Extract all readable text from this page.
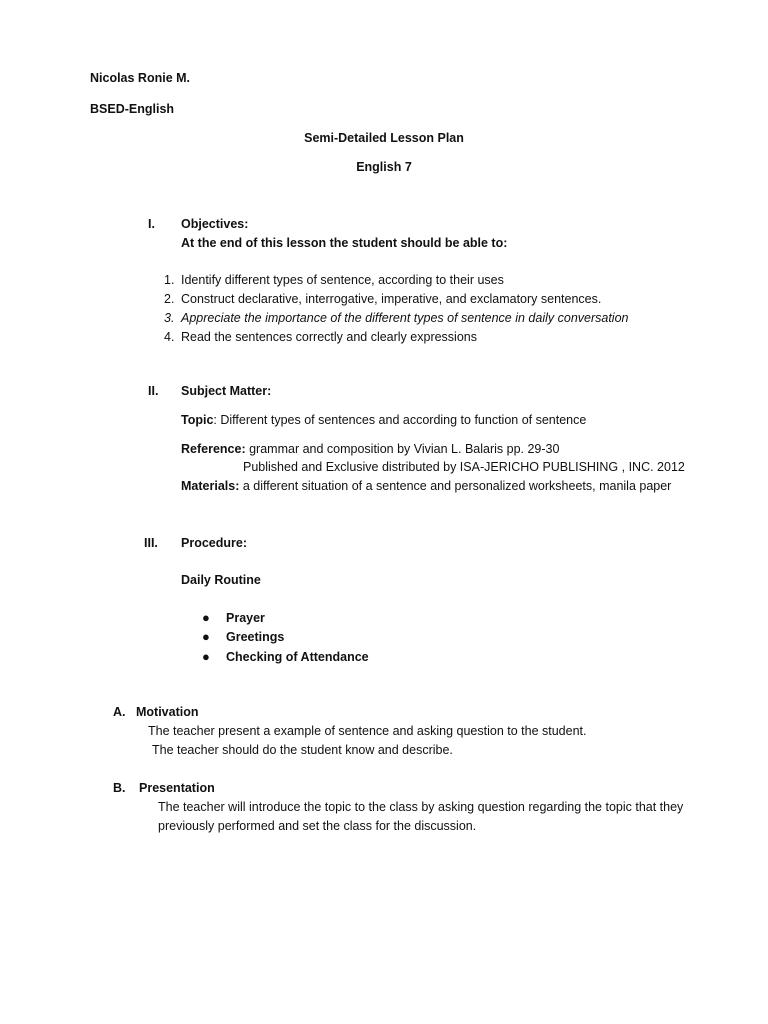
Nicolas Ronie M.
BSED-English
Semi-Detailed Lesson Plan
English 7
I. Objectives:
At the end of this lesson the student should be able to:
1. Identify different types of sentence, according to their uses
2. Construct declarative, interrogative, imperative, and exclamatory sentences.
3. Appreciate the importance of the different types of sentence in daily conversation
4. Read the sentences correctly and clearly expressions
II. Subject Matter:
Topic: Different types of sentences and according to function of sentence
Reference: grammar and composition by Vivian L. Balaris pp. 29-30
Published and Exclusive distributed by ISA-JERICHO PUBLISHING , INC. 2012
Materials: a different situation of a sentence and personalized worksheets, manila paper
III. Procedure:
Daily Routine
● Prayer
● Greetings
● Checking of Attendance
A. Motivation
The teacher present a example of sentence and asking question to the student.
The teacher should do the student know and describe.
B. Presentation
The teacher will introduce the topic to the class by asking question regarding the topic that they
previously performed and set the class for the discussion.
